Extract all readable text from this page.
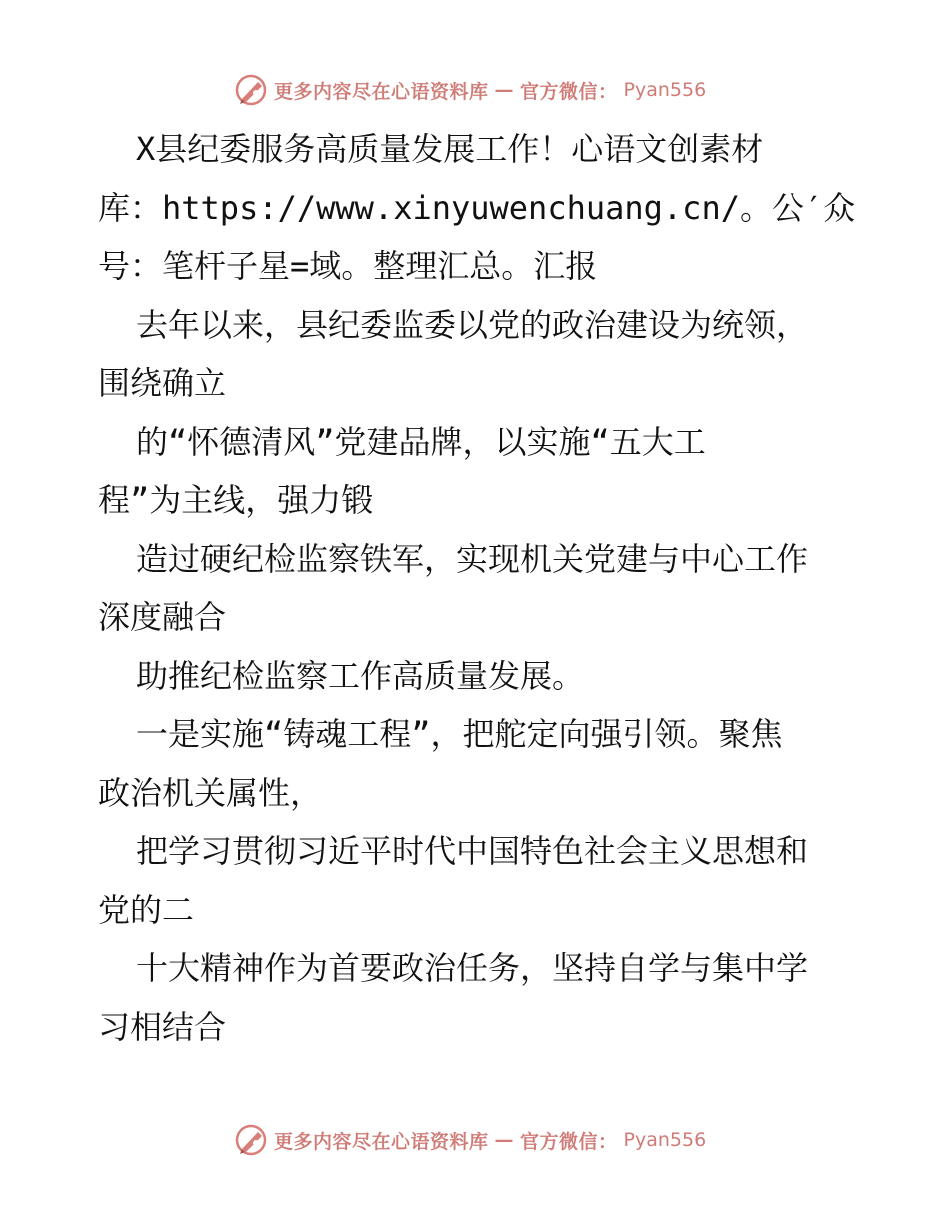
更多内容尽在心语资料库 — 官方微信： Pyan556
X县纪委服务高质量发展工作！心语文创素材
库：https://www.xinyuwenchuang.cn/。公′众
号：笔杆子星=域。整理汇总。汇报
去年以来，县纪委监委以党的政治建设为统领，
围绕确立
的“怀德清风”党建品牌，以实施“五大工
程”为主线，强力锻
造过硬纪检监察铁军，实现机关党建与中心工作
深度融合
助推纪检监察工作高质量发展。
一是实施“铸魂工程”，把舵定向强引领。聚焦
政治机关属性，
把学习贯彻习近平时代中国特色社会主义思想和
党的二
十大精神作为首要政治任务，坚持自学与集中学
习相结合
更多内容尽在心语资料库 — 官方微信： Pyan556
